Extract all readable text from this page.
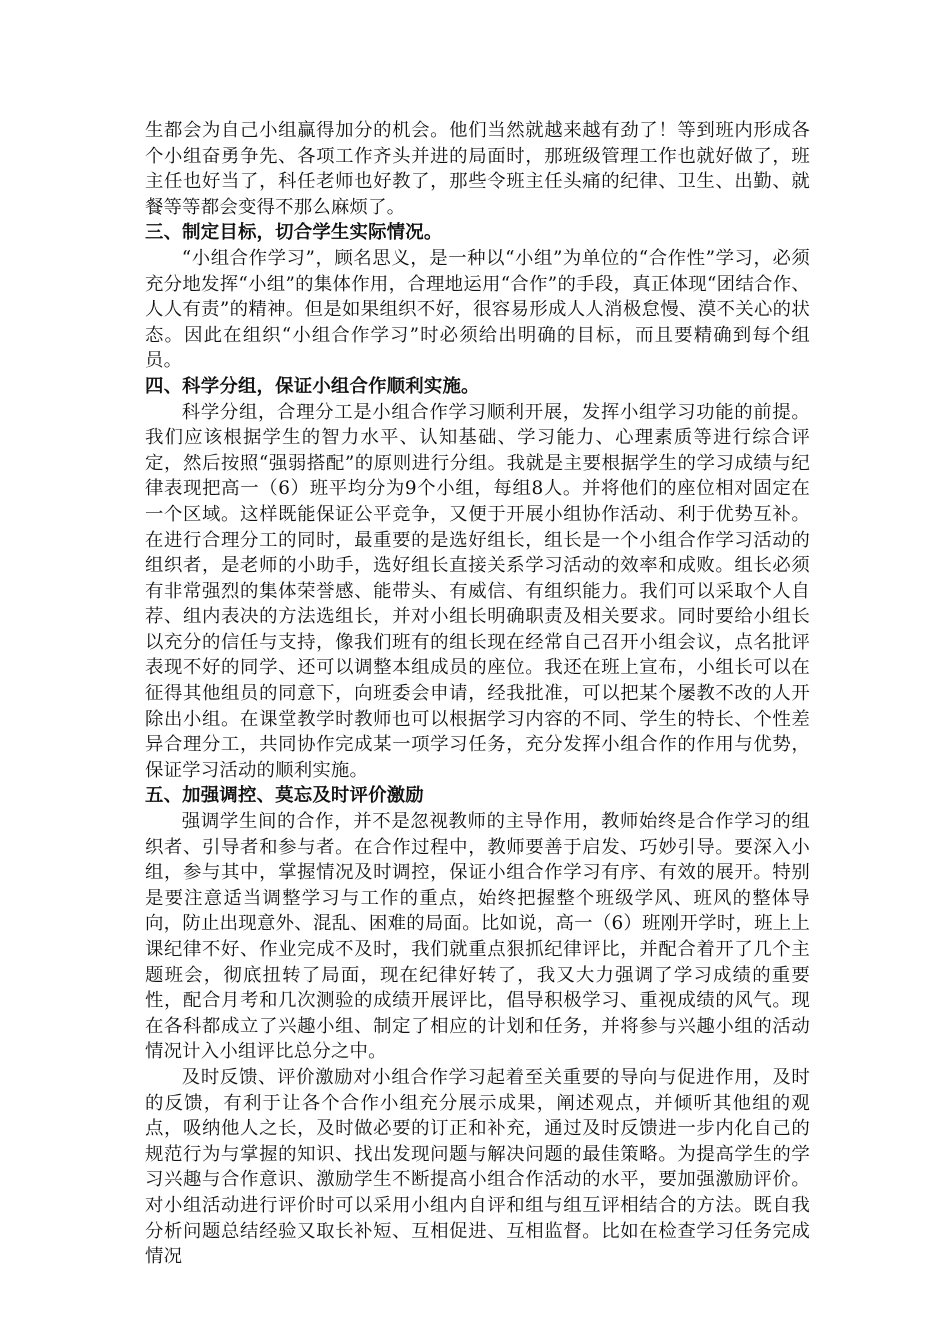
生都会为自己小组赢得加分的机会。他们当然就越来越有劲了！等到班内形成各个小组奋勇争先、各项工作齐头并进的局面时，那班级管理工作也就好做了，班主任也好当了，科任老师也好教了，那些令班主任头痛的纪律、卫生、出勤、就餐等等都会变得不那么麻烦了。

三、制定目标，切合学生实际情况。

“小组合作学习”，顾名思义，是一种以“小组”为单位的“合作性”学习，必须充分地发挥“小组”的集体作用，合理地运用“合作”的手段，真正体现“团结合作、人人有责”的精神。但是如果组织不好，很容易形成人人消极怠慢、漠不关心的状态。因此在组织“小组合作学习”时必须给出明确的目标，而且要精确到每个组员。

四、科学分组，保证小组合作顺利实施。

科学分组，合理分工是小组合作学习顺利开展，发挥小组学习功能的前提。我们应该根据学生的智力水平、认知基础、学习能力、心理素质等进行综合评定，然后按照“强弱搭配”的原则进行分组。我就是主要根据学生的学习成绩与纪律表现把高一（6）班平均分为9个小组，每组8人。并将他们的座位相对固定在一个区域。这样既能保证公平竞争，又便于开展小组协作活动、利于优势互补。在进行合理分工的同时，最重要的是选好组长，组长是一个小组合作学习活动的组织者，是老师的小助手，选好组长直接关系学习活动的效率和成败。组长必须有非常强烈的集体荣誉感、能带头、有威信、有组织能力。我们可以采取个人自荐、组内表决的方法选组长，并对小组长明确职责及相关要求。同时要给小组长以充分的信任与支持，像我们班有的组长现在经常自己召开小组会议，点名批评表现不好的同学、还可以调整本组成员的座位。我还在班上宣布，小组长可以在征得其他组员的同意下，向班委会申请，经我批准，可以把某个屡教不改的人开除出小组。在课堂教学时教师也可以根据学习内容的不同、学生的特长、个性差异合理分工，共同协作完成某一项学习任务，充分发挥小组合作的作用与优势，保证学习活动的顺利实施。

五、加强调控、莫忘及时评价激励

强调学生间的合作，并不是忽视教师的主导作用，教师始终是合作学习的组织者、引导者和参与者。在合作过程中，教师要善于启发、巧妙引导。要深入小组，参与其中，掌握情况及时调控，保证小组合作学习有序、有效的展开。特别是要注意适当调整学习与工作的重点，始终把握整个班级学风、班风的整体导向，防止出现意外、混乱、困难的局面。比如说，高一（6）班刚开学时，班上上课纪律不好、作业完成不及时，我们就重点狠抓纪律评比，并配合着开了几个主题班会，彻底扭转了局面，现在纪律好转了，我又大力强调了学习成绩的重要性，配合月考和几次测验的成绩开展评比，倡导积极学习、重视成绩的风气。现在各科都成立了兴趣小组、制定了相应的计划和任务，并将参与兴趣小组的活动情况计入小组评比总分之中。

及时反馈、评价激励对小组合作学习起着至关重要的导向与促进作用，及时的反馈，有利于让各个合作小组充分展示成果，阐述观点，并倾听其他组的观点，吸纳他人之长，及时做必要的订正和补充，通过及时反馈进一步内化自己的规范行为与掌握的知识、找出发现问题与解决问题的最佳策略。为提高学生的学习兴趣与合作意识、激励学生不断提高小组合作活动的水平，要加强激励评价。对小组活动进行评价时可以采用小组内自评和组与组互评相结合的方法。既自我分析问题总结经验又取长补短、互相促进、互相监督。比如在检查学习任务完成情况
